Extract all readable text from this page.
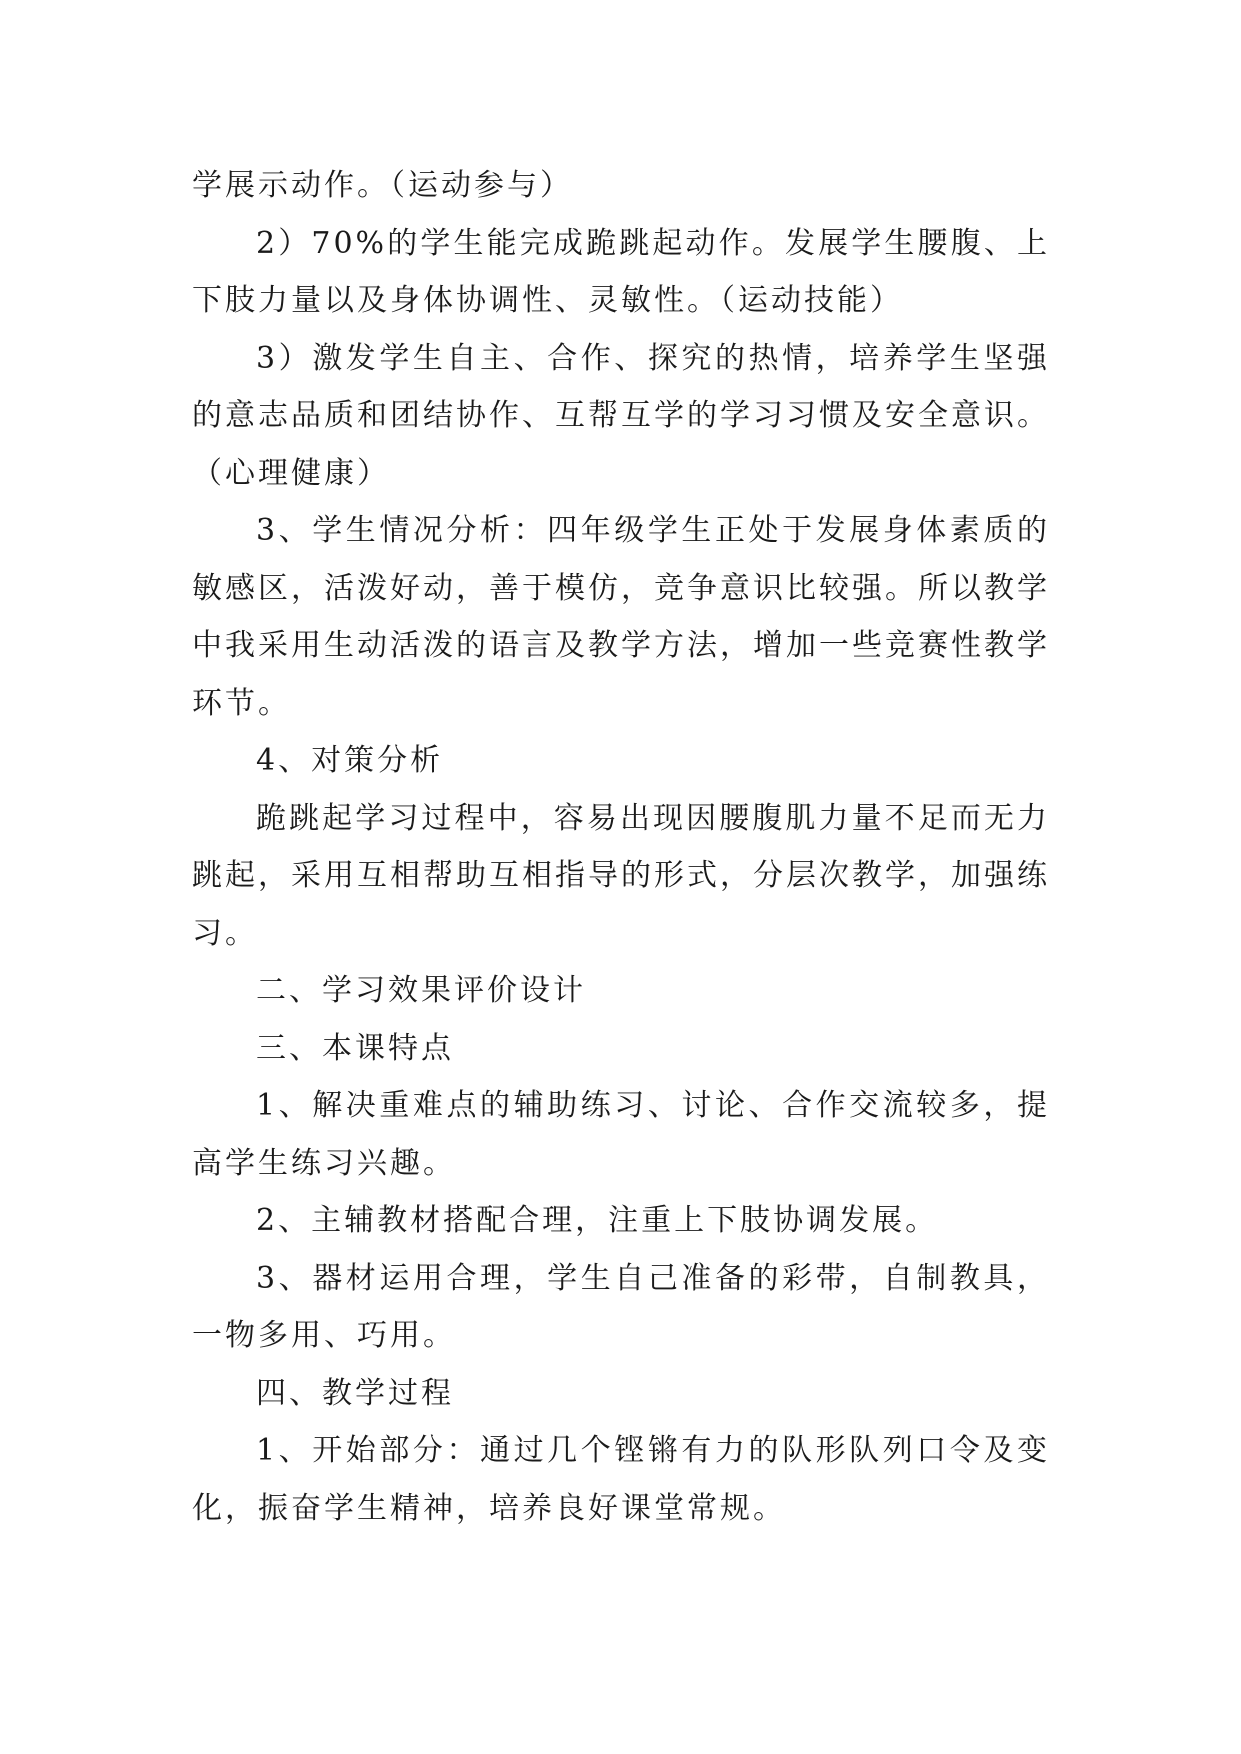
学展示动作。（运动参与）

2）70%的学生能完成跪跳起动作。发展学生腰腹、上下肢力量以及身体协调性、灵敏性。（运动技能）

3）激发学生自主、合作、探究的热情，培养学生坚强的意志品质和团结协作、互帮互学的学习习惯及安全意识。（心理健康）

3、学生情况分析：四年级学生正处于发展身体素质的敏感区，活泼好动，善于模仿，竞争意识比较强。所以教学中我采用生动活泼的语言及教学方法，增加一些竞赛性教学环节。

4、对策分析

跪跳起学习过程中，容易出现因腰腹肌力量不足而无力跳起，采用互相帮助互相指导的形式，分层次教学，加强练习。

二、学习效果评价设计

三、本课特点

1、解决重难点的辅助练习、讨论、合作交流较多，提高学生练习兴趣。

2、主辅教材搭配合理，注重上下肢协调发展。

3、器材运用合理，学生自己准备的彩带，自制教具，一物多用、巧用。

四、教学过程

1、开始部分：通过几个铿锵有力的队形队列口令及变化，振奋学生精神，培养良好课堂常规。
